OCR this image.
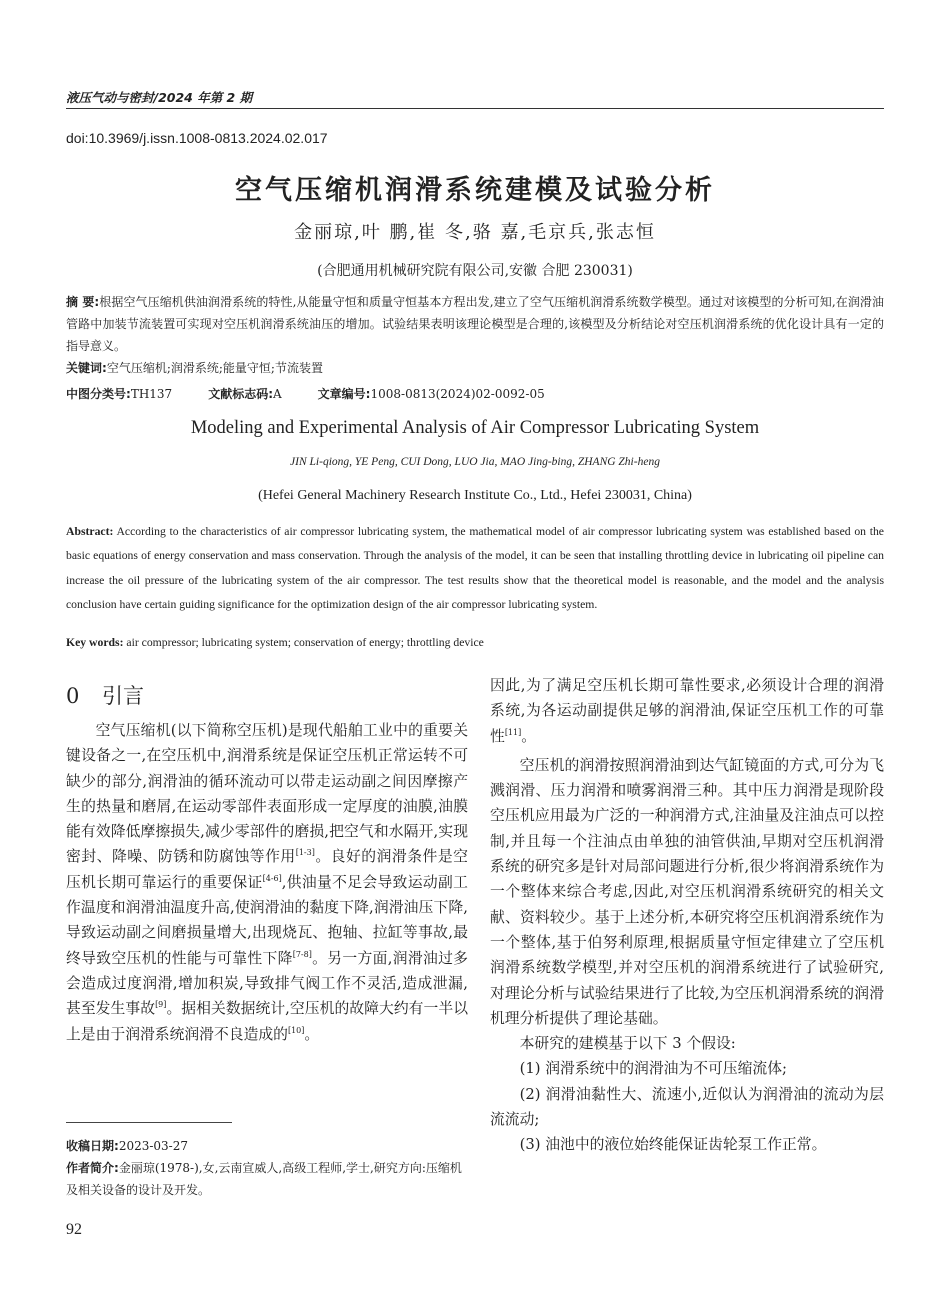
液压气动与密封/2024 年第 2 期
doi:10.3969/j.issn.1008-0813.2024.02.017
空气压缩机润滑系统建模及试验分析
金丽琼,叶 鹏,崔 冬,骆 嘉,毛京兵,张志恒
(合肥通用机械研究院有限公司,安徽 合肥 230031)
摘 要:根据空气压缩机供油润滑系统的特性,从能量守恒和质量守恒基本方程出发,建立了空气压缩机润滑系统数学模型。通过对该模型的分析可知,在润滑油管路中加装节流装置可实现对空压机润滑系统油压的增加。试验结果表明该理论模型是合理的,该模型及分析结论对空压机润滑系统的优化设计具有一定的指导意义。
关键词:空气压缩机;润滑系统;能量守恒;节流装置
中图分类号:TH137	文献标志码:A	文章编号:1008-0813(2024)02-0092-05
Modeling and Experimental Analysis of Air Compressor Lubricating System
JIN Li-qiong, YE Peng, CUI Dong, LUO Jia, MAO Jing-bing, ZHANG Zhi-heng
(Hefei General Machinery Research Institute Co., Ltd., Hefei 230031, China)
Abstract: According to the characteristics of air compressor lubricating system, the mathematical model of air compressor lubricating system was established based on the basic equations of energy conservation and mass conservation. Through the analysis of the model, it can be seen that installing throttling device in lubricating oil pipeline can increase the oil pressure of the lubricating system of the air compressor. The test results show that the theoretical model is reasonable, and the model and the analysis conclusion have certain guiding significance for the optimization design of the air compressor lubricating system.
Key words: air compressor; lubricating system; conservation of energy; throttling device
0 引言

空气压缩机(以下简称空压机)是现代船舶工业中的重要关键设备之一,在空压机中,润滑系统是保证空压机正常运转不可缺少的部分,润滑油的循环流动可以带走运动副之间因摩擦产生的热量和磨屑,在运动零部件表面形成一定厚度的油膜,油膜能有效降低摩擦损失,减少零部件的磨损,把空气和水隔开,实现密封、降噪、防锈和防腐蚀等作用[1-3]。良好的润滑条件是空压机长期可靠运行的重要保证[4-6],供油量不足会导致运动副工作温度和润滑油温度升高,使润滑油的黏度下降,润滑油压下降,导致运动副之间磨损量增大,出现烧瓦、抱轴、拉缸等事故,最终导致空压机的性能与可靠性下降[7-8]。另一方面,润滑油过多会造成过度润滑,增加积炭,导致排气阀工作不灵活,造成泄漏,甚至发生事故[9]。据相关数据统计,空压机的故障大约有一半以上是由于润滑系统润滑不良造成的[10]。

因此,为了满足空压机长期可靠性要求,必须设计合理的润滑系统,为各运动副提供足够的润滑油,保证空压机工作的可靠性[11]。

空压机的润滑按照润滑油到达气缸镜面的方式,可分为飞溅润滑、压力润滑和喷雾润滑三种。其中压力润滑是现阶段空压机应用最为广泛的一种润滑方式,注油量及注油点可以控制,并且每一个注油点由单独的油管供油,早期对空压机润滑系统的研究多是针对局部问题进行分析,很少将润滑系统作为一个整体来综合考虑,因此,对空压机润滑系统研究的相关文献、资料较少。基于上述分析,本研究将空压机润滑系统作为一个整体,基于伯努利原理,根据质量守恒定律建立了空压机润滑系统数学模型,并对空压机的润滑系统进行了试验研究,对理论分析与试验结果进行了比较,为空压机润滑系统的润滑机理分析提供了理论基础。

本研究的建模基于以下 3 个假设:

(1) 润滑系统中的润滑油为不可压缩流体;

(2) 润滑油黏性大、流速小,近似认为润滑油的流动为层流流动;

(3) 油池中的液位始终能保证齿轮泵工作正常。

收稿日期:2023-03-27
作者简介:金丽琼(1978-),女,云南宣威人,高级工程师,学士,研究方向:压缩机及相关设备的设计及开发。
92
